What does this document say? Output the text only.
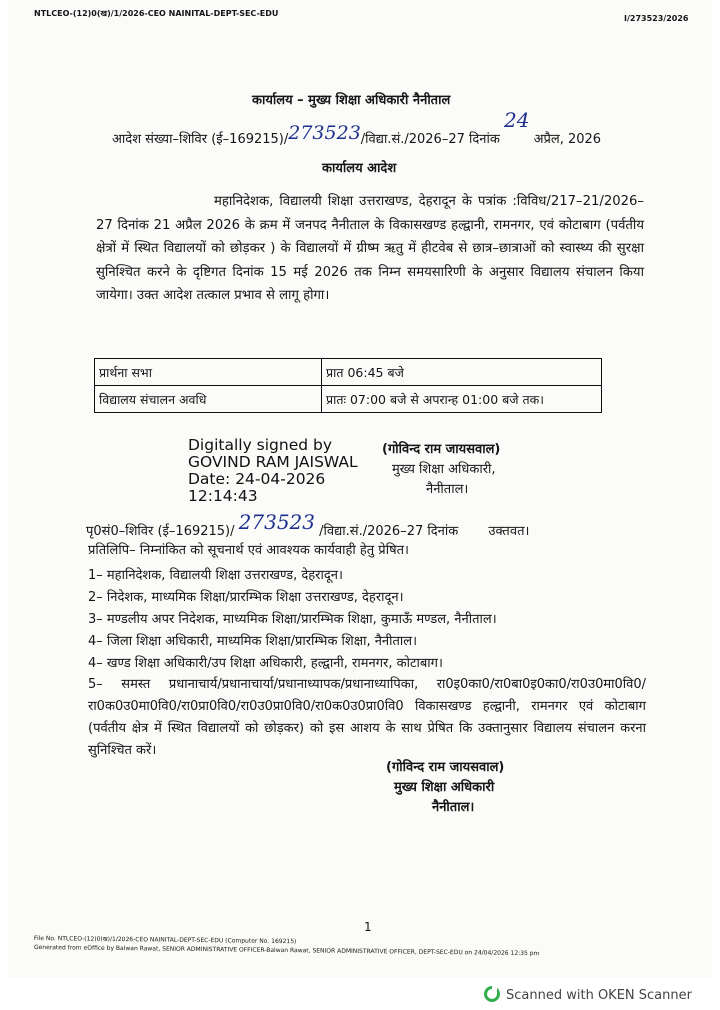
NTLCEO-(12)0(ख)/1/2026-CEO NAINITAL-DEPT-SEC-EDU
I/273523/2026
कार्यालय – मुख्य शिक्षा अधिकारी नैनीताल
आदेश संख्या–शिविर (ई–169215)/273523/विद्या.सं./2026–27 दिनांक 24 अप्रैल, 2026
कार्यालय आदेश
महानिदेशक, विद्यालयी शिक्षा उत्तराखण्ड, देहरादून के पत्रांक :विविध/217–21/2026–27 दिनांक 21 अप्रैल 2026 के क्रम में जनपद नैनीताल के विकासखण्ड हल्द्वानी, रामनगर, एवं कोटाबाग (पर्वतीय क्षेत्रों में स्थित विद्यालयों को छोड़कर ) के विद्यालयों में ग्रीष्म ऋतु में हीटवेब से छात्र–छात्राओं को स्वास्थ्य की सुरक्षा सुनिश्चित करने के दृष्टिगत दिनांक 15 मई 2026 तक निम्न समयसारिणी के अनुसार विद्यालय संचालन किया जायेगा। उक्त आदेश तत्काल प्रभाव से लागू होगा।
प्रार्थना सभा	प्रात 06:45 बजे
विद्यालय संचालन अवधि	प्रातः 07:00 बजे से अपरान्ह 01:00 बजे तक।
Digitally signed by
GOVIND RAM JAISWAL
Date: 24-04-2026
12:14:43
(गोविन्द राम जायसवाल)
मुख्य शिक्षा अधिकारी,
नैनीताल।
पृ0सं0–शिविर (ई–169215)/ 273523 /विद्या.सं./2026–27 दिनांक उक्तवत।
प्रतिलिपि– निम्नांकित को सूचनार्थ एवं आवश्यक कार्यवाही हेतु प्रेषित।
1– महानिदेशक, विद्यालयी शिक्षा उत्तराखण्ड, देहरादून।
2– निदेशक, माध्यमिक शिक्षा/प्रारम्भिक शिक्षा उत्तराखण्ड, देहरादून।
3– मण्डलीय अपर निदेशक, माध्यमिक शिक्षा/प्रारम्भिक शिक्षा, कुमाऊँ मण्डल, नैनीताल।
4– जिला शिक्षा अधिकारी, माध्यमिक शिक्षा/प्रारम्भिक शिक्षा, नैनीताल।
4– खण्ड शिक्षा अधिकारी/उप शिक्षा अधिकारी, हल्द्वानी, रामनगर, कोटाबाग।
5– समस्त प्रधानाचार्य/प्रधानाचार्या/प्रधानाध्यापक/प्रधानाध्यापिका, रा0इ0का0/रा0बा0इ0का0/रा0उ0मा0वि0/रा0क0उ0मा0वि0/रा0प्रा0वि0/रा0उ0प्रा0वि0/रा0क0उ0प्रा0वि0 विकासखण्ड हल्द्वानी, रामनगर एवं कोटाबाग (पर्वतीय क्षेत्र में स्थित विद्यालयों को छोड़कर) को इस आशय के साथ प्रेषित कि उक्तानुसार विद्यालय संचालन करना सुनिश्चित करें।
(गोविन्द राम जायसवाल)
मुख्य शिक्षा अधिकारी
नैनीताल।
1
File No. NTLCEO-(12)0(ख)/1/2026-CEO NAINITAL-DEPT-SEC-EDU (Computer No. 169215)
Generated from eOffice by Balwan Rawat, SENIOR ADMINISTRATIVE OFFICER-Balwan Rawat, SENIOR ADMINISTRATIVE OFFICER, DEPT-SEC-EDU on 24/04/2026 12:35 pm
Scanned with OKEN Scanner
